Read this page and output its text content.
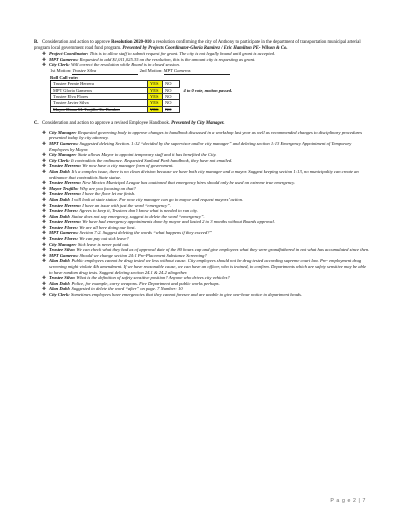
B. Consideration and action to approve Resolution 2020-010 a resolution confirming the city of Anthony to participate in the department of transportation municipal arterial program local government road fund program. Presented by Projects Coordinator-Gloria Ramirez / Eric Hamilton PE- Wilson & Co.
❖ Project Coordinator: This is to allow staff to submit request for grant. The city is not legally bound until grant is accepted.
❖ MPT Gameros: Requested to add $1,011,025.35 on the resolution, this is the amount city is requesting as grant.
❖ City Clerk: Will correct the resolution while Board is in closed session.
1st Motion: Trustee Silva	2nd Motion: MPT Gameros
Roll Call vote:
Trustee Fernie Herrera	YES	NO	
MPT Gloria Gameros	YES	NO	4 to 0 vote, motion passed.
Trustee Elva Flores	YES	NO	
Trustee Javier Silva	YES	NO	
Mayor Diana M. Trujillo Tie Breaker	YES	NO	
C. Consideration and action to approve a revised Employee Handbook. Presented by City Manager.
❖ City Manager: Requested governing body to approve changes to handbook discussed in a workshop last year as well as recommended changes to disciplinary procedures presented today by city attorney.
❖ MPT Gameros: Suggested deleting Section. 1:12 “decided by the supervisor and/or city manager” and deleting section 1:13 Emergency Appointment of Temporary Employees by Mayor.
❖ City Manager: State allows Mayor to appoint temporary staff and it has benefited the City.
❖ City Clerk: It contradicts the ordinance. Requested Sunland Park handbook, they have not emailed.
❖ Trustee Herrera: We now have a city manager form of government.
❖ Alan Dahl: It’s a complex issue, there is no clean division because we have both city manager and a mayor. Suggest keeping section 1:13, no municipality can create an ordinance that contradicts State statue.
❖ Trustee Herrera: New Mexico Municipal League has cautioned that emergency hires should only be used on extreme true emergency.
❖ Mayor Trujillo: Why are you focusing on that?
❖ Trustee Herrera: I have the floor let me finish.
❖ Alan Dahl: I will look at state statue. For now city manager can go to mayor and request mayors’ action.
❖ Trustee Herrera: I have an issue with just the word “emergency”.
❖ Trustee Flores: Agrees to keep it, Trustees don’t know what is needed to run city.
❖ Alan Dahl: Statue does not say emergency, suggest to delete the word “emergency”.
❖ Trustee Herrera: We have had emergency appointments done by mayor and lasted 2 to 3 months without Boards approval.
❖ Trustee Flores: We are all here doing our best.
❖ MPT Gameros: Section 7:2. Suggest deleting the words “what happens if they exceed?”
❖ Trustee Flores: We can pay out sick leave?
❖ City Manager: Sick leave is never paid out.
❖ Trustee Silva: We can check what they had as of approval date of the 80 hours cap and give employees what they were grandfathered in not what has accumulated since then.
❖ MPT Gameros: Should we change section 24:1 Pre-Placement Substance Screening?
❖ Alan Dahl: Public employees cannot be drug tested we less without cause. City employees should not be drug tested according supreme court law. Pre- employment drug screening might violate 4th amendment. If we have reasonable cause, we can have an officer, who is trained, to confirm. Departments which are safety sensitive may be able to have random drug tests. Suggest deleting section 24.1 & 24.2 altogether.
❖ Trustee Silva: What is the definition of safety sensitive position? Anyone who drives city vehicles?
❖ Alan Dahl: Police, for example, carry weapons. Fire Department and public works perhaps.
❖ Alan Dahl: Suggested to delete the word “after” on page. 7 Number: 10
❖ City Clerk: Sometimes employees have emergencies that they cannot foresee and are unable to give one-hour notice to department heads.
P a g e 2 | 7
